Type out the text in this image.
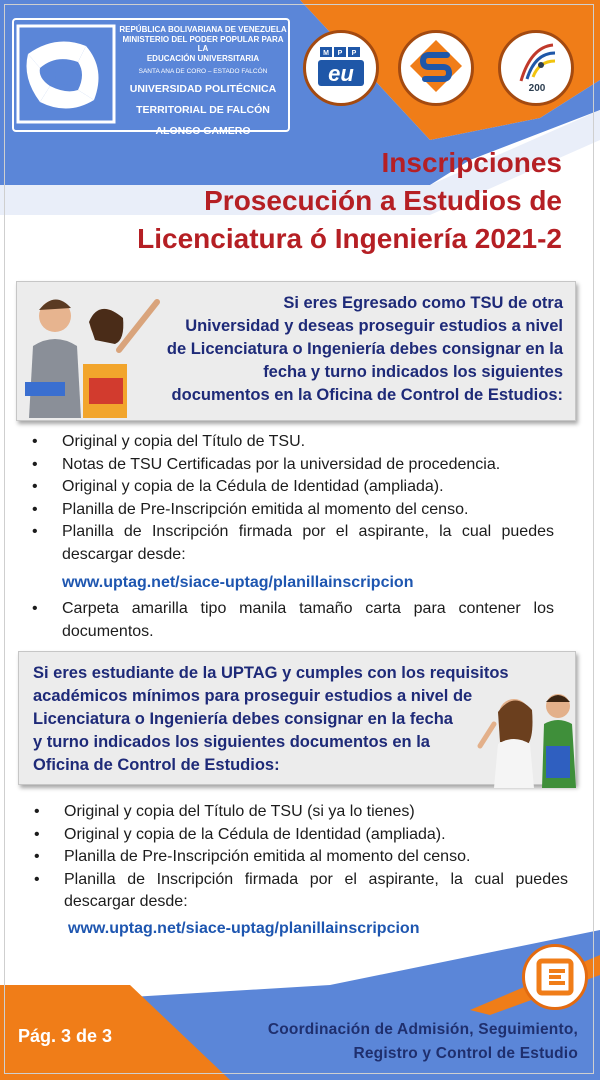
REPÚBLICA BOLIVARIANA DE VENEZUELA
MINISTERIO DEL PODER POPULAR PARA LA
EDUCACIÓN UNIVERSITARIA
SANTA ANA DE CORO – ESTADO FALCÓN
UNIVERSIDAD POLITÉCNICA
TERRITORIAL DE FALCÓN
ALONSO GAMERO
M P P
eu
200
Inscripciones
Prosecución a Estudios de
Licenciatura ó Ingeniería 2021-2
Si eres Egresado como TSU de otra
Universidad y deseas proseguir estudios a nivel
de Licenciatura o Ingeniería debes consignar en la
fecha y turno indicados los siguientes
documentos en la Oficina de Control de Estudios:
• Original y copia del Título de TSU.
• Notas de TSU Certificadas por la universidad de procedencia.
• Original y copia de la Cédula de Identidad (ampliada).
• Planilla de Pre-Inscripción emitida al momento del censo.
• Planilla de Inscripción firmada por el aspirante, la cual puedes descargar desde:
www.uptag.net/siace-uptag/planillainscripcion
• Carpeta amarilla tipo manila tamaño carta para contener los documentos.
Si eres estudiante de la UPTAG y cumples con los requisitos
académicos mínimos para proseguir estudios a nivel de
Licenciatura o Ingeniería debes consignar en la fecha
y turno indicados los siguientes documentos en la
Oficina de Control de Estudios:
• Original y copia del Título de TSU (si ya lo tienes)
• Original y copia de la Cédula de Identidad (ampliada).
• Planilla de Pre-Inscripción emitida al momento del censo.
• Planilla de Inscripción firmada por el aspirante, la cual puedes descargar desde:
www.uptag.net/siace-uptag/planillainscripcion
Pág. 3 de 3	Coordinación de Admisión, Seguimiento,
Registro y Control de Estudio
